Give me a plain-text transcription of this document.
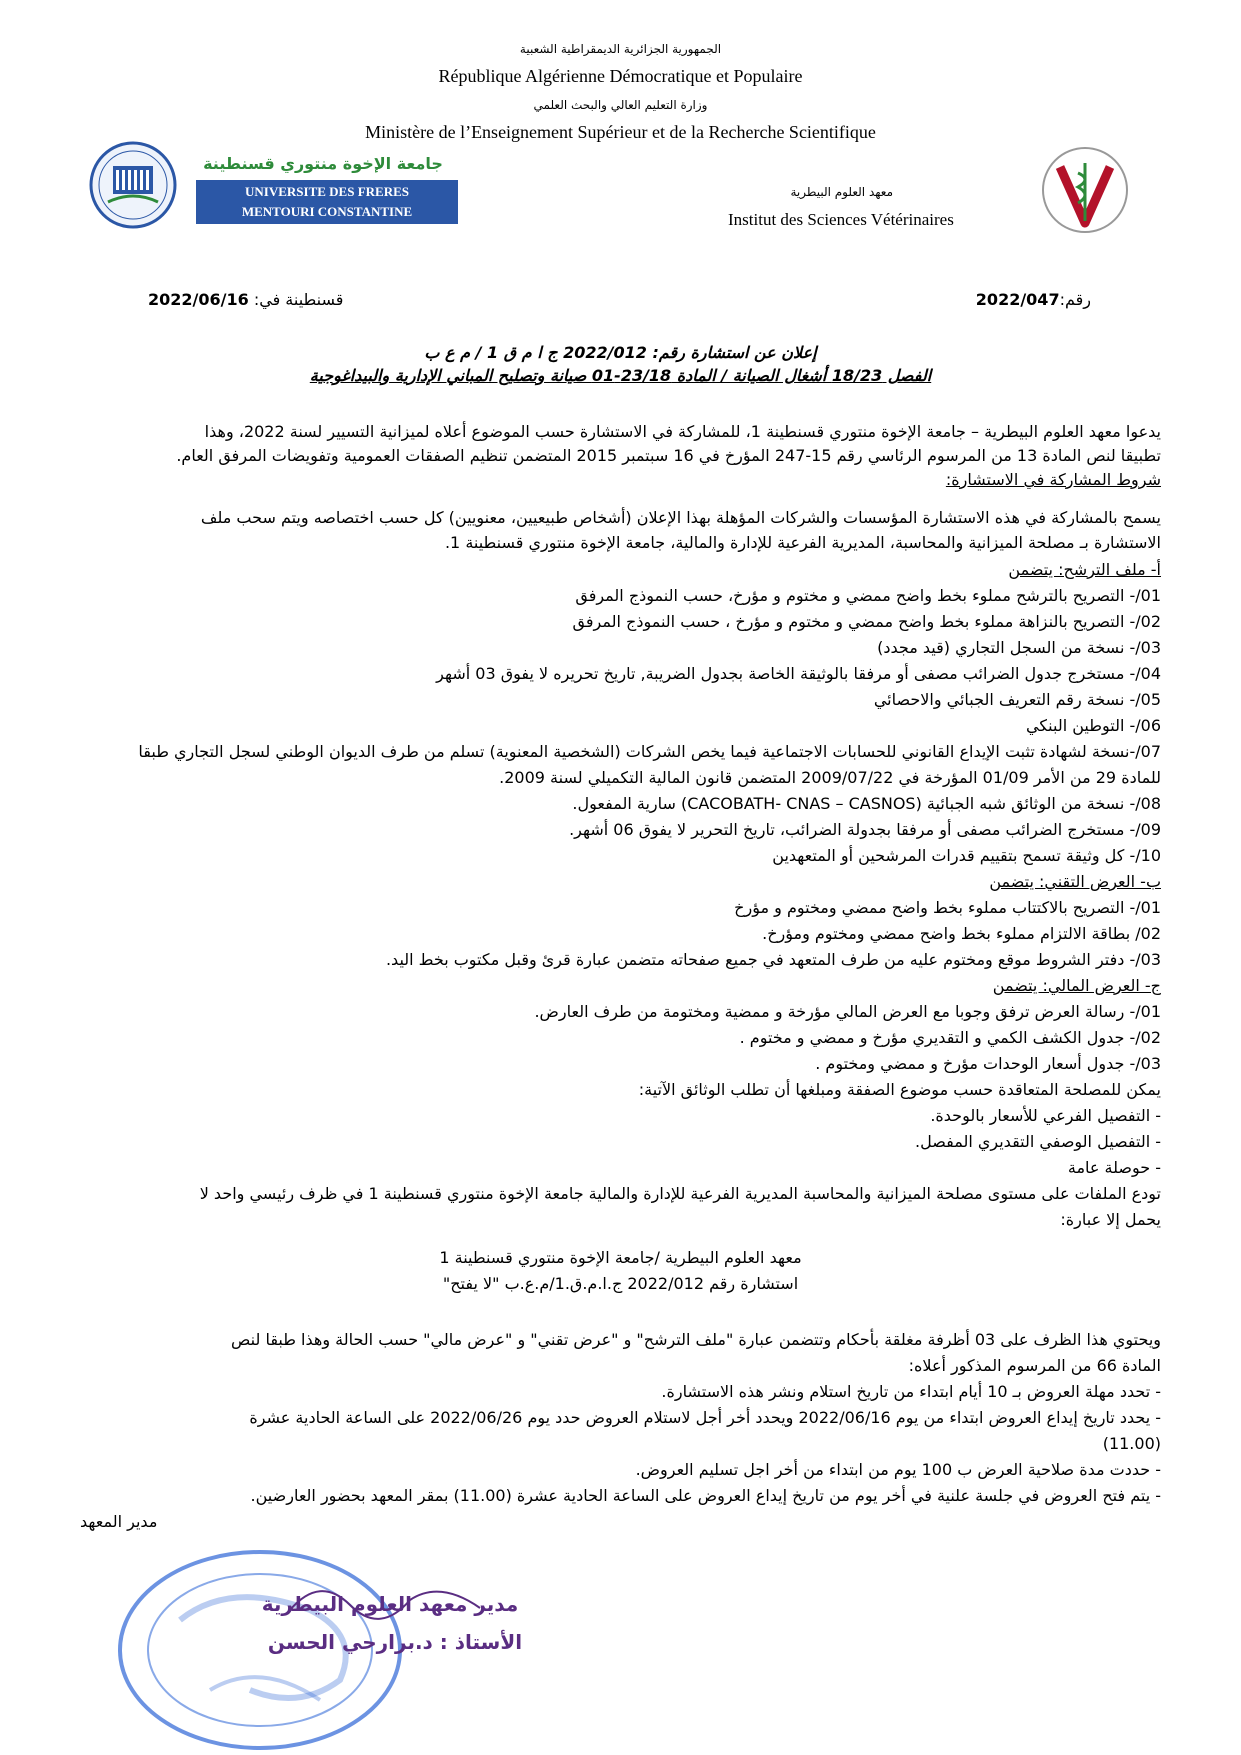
الجمهورية الجزائرية الديمقراطية الشعبية
République Algérienne Démocratique et Populaire
وزارة التعليم العالي والبحث العلمي
Ministère de l’Enseignement Supérieur et de la Recherche Scientifique
جامعة الإخوة منتوري قسنطينة
UNIVERSITE DES FRERES
MENTOURI CONSTANTINE
معهد العلوم البيطرية
Institut des Sciences Vétérinaires
رقم:2022/047
قسنطينة في: 2022/06/16
إعلان عن استشارة رقم: 2022/012 ج ا م ق 1 / م ع ب
الفصل 18/23 أشغال الصيانة / المادة 23/18-01 صيانة وتصليح المباني الإدارية والبيداغوجية
يدعوا معهد العلوم البيطرية – جامعة الإخوة منتوري قسنطينة 1، للمشاركة في الاستشارة حسب الموضوع أعلاه لميزانية التسيير لسنة 2022، وهذا
تطبيقا لنص المادة 13 من المرسوم الرئاسي رقم 15-247 المؤرخ في 16 سبتمبر 2015 المتضمن تنظيم الصفقات العمومية وتفويضات المرفق العام.
شروط المشاركة في الاستشارة:
يسمح بالمشاركة في هذه الاستشارة المؤسسات والشركات المؤهلة بهذا الإعلان (أشخاص طبيعيين، معنويين) كل حسب اختصاصه ويتم سحب ملف
الاستشارة بـ مصلحة الميزانية والمحاسبة، المديرية الفرعية للإدارة والمالية، جامعة الإخوة منتوري قسنطينة 1.
أ- ملف الترشح: يتضمن
01/- التصريح بالترشح مملوء بخط واضح ممضي و مختوم و مؤرخ، حسب النموذج المرفق
02/- التصريح بالنزاهة مملوء بخط واضح ممضي و مختوم و مؤرخ ، حسب النموذج المرفق
03/- نسخة من السجل التجاري (قيد مجدد)
04/- مستخرج جدول الضرائب مصفى أو مرفقا بالوثيقة الخاصة بجدول الضريبة, تاريخ تحريره لا يفوق 03 أشهر
05/- نسخة رقم التعريف الجبائي والاحصائي
06/- التوطين البنكي
07/-نسخة لشهادة تثبت الإيداع القانوني للحسابات الاجتماعية فيما يخص الشركات (الشخصية المعنوية) تسلم من طرف الديوان الوطني لسجل التجاري طبقا
للمادة 29 من الأمر 01/09 المؤرخة في 2009/07/22 المتضمن قانون المالية التكميلي لسنة 2009.
08/- نسخة من الوثائق شبه الجبائية (CACOBATH- CNAS – CASNOS) سارية المفعول.
09/- مستخرج الضرائب مصفى أو مرفقا بجدولة الضرائب، تاريخ التحرير لا يفوق 06 أشهر.
10/- كل وثيقة تسمح بتقييم قدرات المرشحين أو المتعهدين
ب- العرض التقني: يتضمن
01/- التصريح بالاكتتاب مملوء بخط واضح ممضي ومختوم و مؤرخ
02/ بطاقة الالتزام مملوء بخط واضح ممضي ومختوم ومؤرخ.
03/- دفتر الشروط موقع ومختوم عليه من طرف المتعهد في جميع صفحاته متضمن عبارة قرئ وقبل مكتوب بخط اليد.
ج- العرض المالي: يتضمن
01/- رسالة العرض ترفق وجوبا مع العرض المالي مؤرخة و ممضية ومختومة من طرف العارض.
02/- جدول الكشف الكمي و التقديري مؤرخ و ممضي و مختوم .
03/- جدول أسعار الوحدات مؤرخ و ممضي ومختوم .
يمكن للمصلحة المتعاقدة حسب موضوع الصفقة ومبلغها أن تطلب الوثائق الآتية:
- التفصيل الفرعي للأسعار بالوحدة.
- التفصيل الوصفي التقديري المفصل.
- حوصلة عامة
تودع الملفات على مستوى مصلحة الميزانية والمحاسبة المديرية الفرعية للإدارة والمالية جامعة الإخوة منتوري قسنطينة 1 في ظرف رئيسي واحد لا
يحمل إلا عبارة:
معهد العلوم البيطرية /جامعة الإخوة منتوري قسنطينة 1
استشارة رقم 2022/012 ج.ا.م.ق.1/م.ع.ب "لا يفتح"
ويحتوي هذا الظرف على 03 أظرفة مغلقة بأحكام وتتضمن عبارة "ملف الترشح" و "عرض تقني" و "عرض مالي" حسب الحالة وهذا طبقا لنص
المادة 66 من المرسوم المذكور أعلاه:
- تحدد مهلة العروض بـ 10 أيام ابتداء من تاريخ استلام ونشر هذه الاستشارة.
- يحدد تاريخ إيداع العروض ابتداء من يوم 2022/06/16 ويحدد أخر أجل لاستلام العروض حدد يوم 2022/06/26 على الساعة الحادية عشرة
(11.00)
- حددت مدة صلاحية العرض ب 100 يوم من ابتداء من أخر اجل تسليم العروض.
- يتم فتح العروض في جلسة علنية في أخر يوم من تاريخ إيداع العروض على الساعة الحادية عشرة (11.00) بمقر المعهد بحضور العارضين.
مدير المعهد
مدير معهد العلوم البيطرية
الأستاذ : د.برارحي الحسن
